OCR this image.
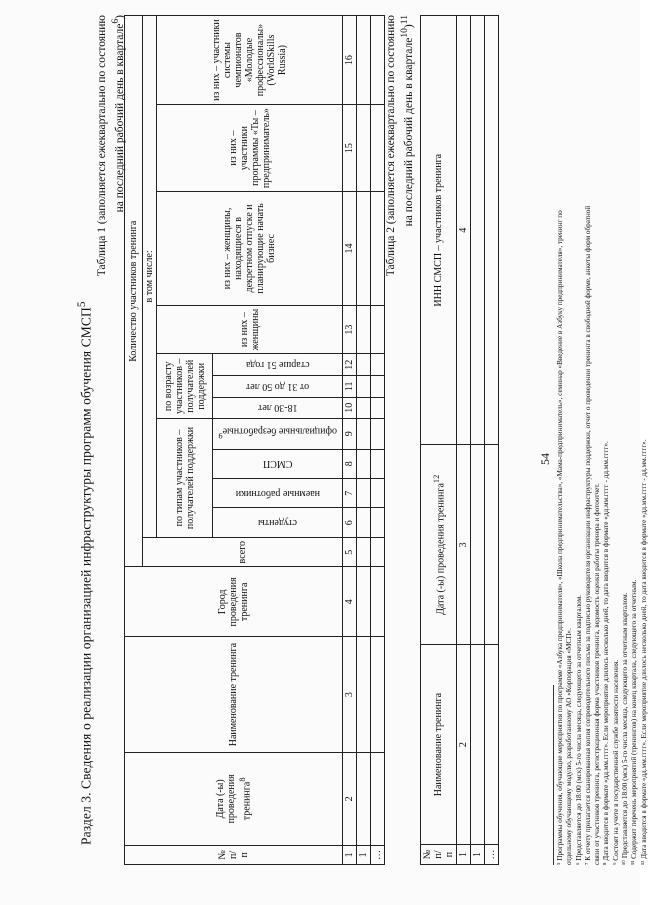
54
Раздел 3. Сведения о реализации организацией инфраструктуры программ обучения СМСП$^5$
Таблица 1 (заполняется ежеквартально по состоянию на последний рабочий день в квартале$^6$)
№ п/п	Дата (-ы) проведения тренинга$^8$	Наименование тренинга	Город проведения тренинга	Количество участников тренинга											
				всего	в том числе:										
					по типам участников – получателей поддержки				по возрасту участников – получателей поддержки			из них – женщины	из них – женщины, находящиеся в декретном отпуске и планирующие начать бизнес	из них – участники программы «Ты – предприниматель»	из них – участники системы чемпионатов «Молодые профессионалы» (WorldSkills Russia)

					студенты	наемные работники	СМСП	официальные безработные$^9$	18-30 лет	от 31 до 50 лет	старше 51 года				

1	2	3	4	5	6	7	8	9	10	11	12	13	14	15	16
1															
…															
Таблица 2 (заполняется ежеквартально по состоянию на последний рабочий день в квартале$^{10}$)$^{11}$
№ п/п	Наименование тренинга	Дата (-ы) проведения тренинга$^{12}$	ИНН СМСП – участников тренинга
1	2	3	4
1			
…				⁵ Программы обучения, обучающие мероприятия по программе «Азбука предпринимателя», «Школа предпринимательства», «Мама-предприниматель», семинар «Введение в Азбуку предпринимателя», тренинг по отдельному обучающему модулю, разработанному АО «Корпорация «МСП». ⁶ Представляется до 18:00 (мск) 5-го числа месяца, следующего за отчетным кварталом. ⁷ К отчету прилагается сканированная копия сопроводительного письма за подписью руководителя организации инфраструктуры поддержки, отчет о проведении тренинга в свободной форме, анкеты форм обратной связи от участников тренинга, регистрационная форма участников тренинга, ведомость оценки работы тренера и фотоотчет. ⁸ Дата вводится в формате «дд.мм.гггг». Если мероприятие длилось несколько дней, то дата вводится в формате «дд.мм.гггг - дд.мм.гггг». ⁹ Состоят на учете в государственной службе занятости населения. ¹⁰ Представляется до 18:00 (мск) 5-го числа месяца, следующего за отчетным кварталом. ¹¹ Содержит перечень мероприятий (тренингов) на конец квартала, следующего за отчетным. ¹² Дата вводится в формате «дд.мм.гггг». Если мероприятие длилось несколько дней, то дата вводится в формате «дд.мм.гггг - дд.мм.гггг».
